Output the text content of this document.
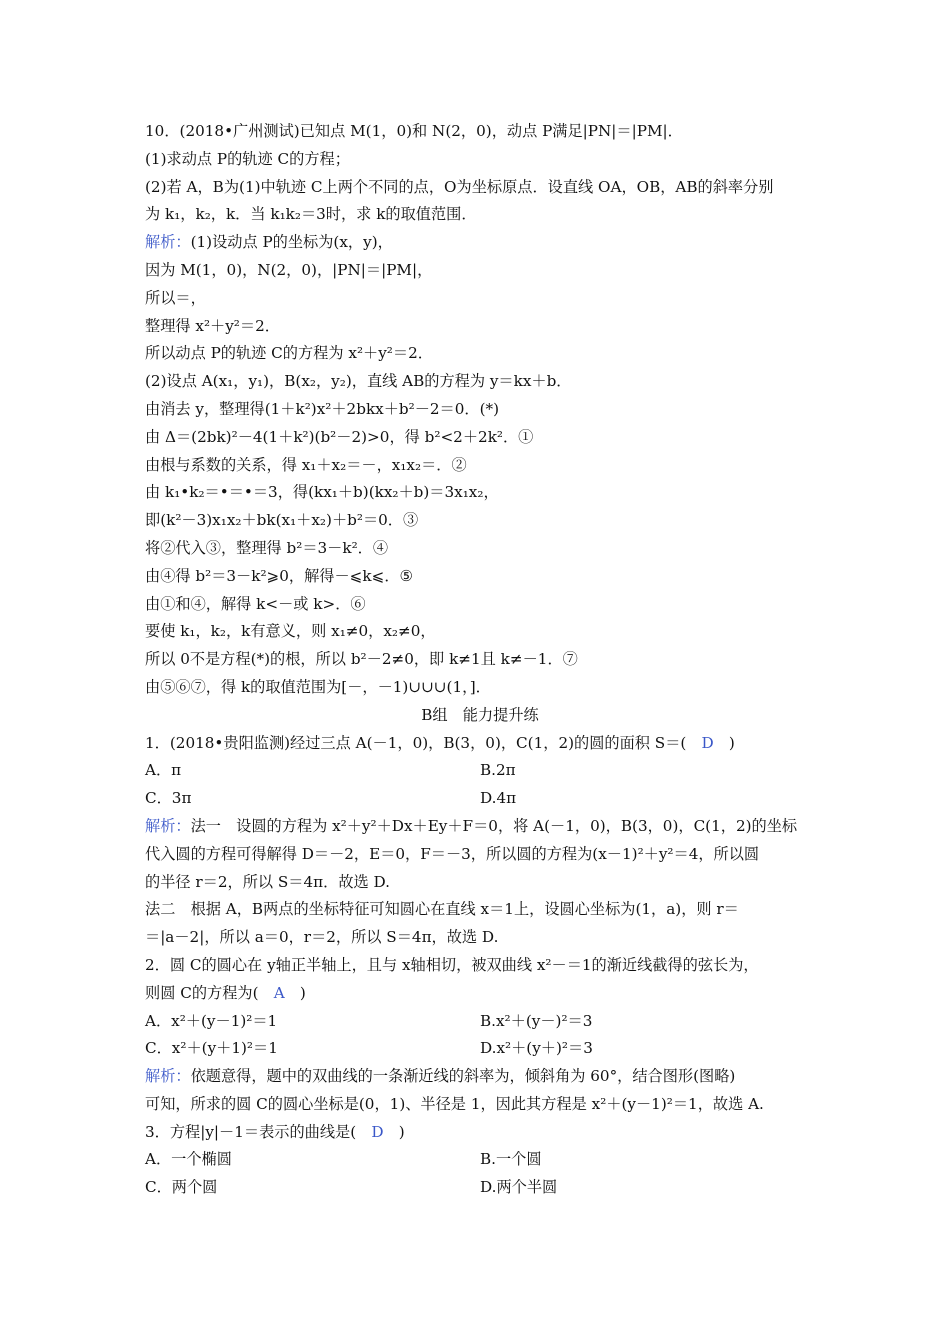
10．(2018•广州测试)已知点 M(1，0)和 N(2，0)，动点 P满足|PN|＝|PM|．
(1)求动点 P的轨迹 C的方程；
(2)若 A，B为(1)中轨迹 C上两个不同的点，O为坐标原点．设直线 OA，OB，AB的斜率分别
为 k₁，k₂，k．当 k₁k₂＝3时，求 k的取值范围．
解析：(1)设动点 P的坐标为(x，y)，
因为 M(1，0)，N(2，0)，|PN|＝|PM|，
所以＝，
整理得 x²＋y²＝2．
所以动点 P的轨迹 C的方程为 x²＋y²＝2．
(2)设点 A(x₁，y₁)，B(x₂，y₂)，直线 AB的方程为 y＝kx＋b．
由消去 y，整理得(1＋k²)x²＋2bkx＋b²－2＝0．(*)
由 Δ＝(2bk)²－4(1＋k²)(b²－2)>0，得 b²<2＋2k²．①
由根与系数的关系，得 x₁＋x₂＝－，x₁x₂＝．②
由 k₁•k₂＝•＝•＝3，得(kx₁＋b)(kx₂＋b)＝3x₁x₂，
即(k²－3)x₁x₂＋bk(x₁＋x₂)＋b²＝0．③
将②代入③，整理得 b²＝3－k²．④
由④得 b²＝3－k²⩾0，解得－⩽k⩽．⑤
由①和④，解得 k<－或 k>．⑥
要使 k₁，k₂，k有意义，则 x₁≠0，x₂≠0，
所以 0不是方程(*)的根，所以 b²－2≠0，即 k≠1且 k≠－1．⑦
由⑤⑥⑦，得 k的取值范围为[－，－1)∪∪∪(1，]．
B组　能力提升练
1．(2018•贵阳监测)经过三点 A(－1，0)，B(3，0)，C(1，2)的圆的面积 S＝(　D　)
A．π	B.2π
C．3π	D.4π
解析：法一　设圆的方程为 x²＋y²＋Dx＋Ey＋F＝0，将 A(－1，0)，B(3，0)，C(1，2)的坐标
代入圆的方程可得解得 D＝－2，E＝0，F＝－3，所以圆的方程为(x－1)²＋y²＝4，所以圆
的半径 r＝2，所以 S＝4π．故选 D.
法二　根据 A，B两点的坐标特征可知圆心在直线 x＝1上，设圆心坐标为(1，a)，则 r＝
＝|a－2|，所以 a＝0，r＝2，所以 S＝4π，故选 D.
2．圆 C的圆心在 y轴正半轴上，且与 x轴相切，被双曲线 x²－＝1的渐近线截得的弦长为，
则圆 C的方程为(　A　)
A．x²＋(y－1)²＝1	B.x²＋(y－)²＝3
C．x²＋(y＋1)²＝1	D.x²＋(y＋)²＝3
解析：依题意得，题中的双曲线的一条渐近线的斜率为，倾斜角为 60°，结合图形(图略)
可知，所求的圆 C的圆心坐标是(0，1)、半径是 1，因此其方程是 x²＋(y－1)²＝1，故选 A.
3．方程|y|－1＝表示的曲线是(　D　)
A．一个椭圆	B.一个圆
C．两个圆	D.两个半圆
